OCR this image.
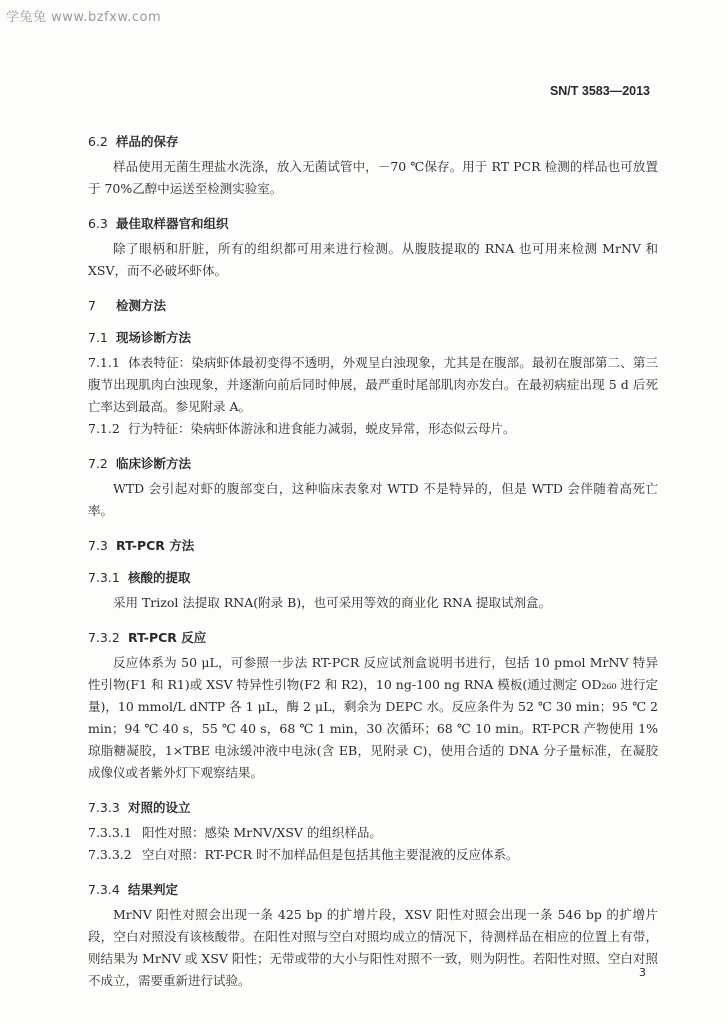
学兔兔 www.bzfxw.com
SN/T 3583—2013
6.2 样品的保存

样品使用无菌生理盐水洗涤，放入无菌试管中，－70 ℃保存。用于 RT PCR 检测的样品也可放置于 70%乙醇中运送至检测实验室。

6.3 最佳取样器官和组织

除了眼柄和肝脏，所有的组织都可用来进行检测。从腹肢提取的 RNA 也可用来检测 MrNV 和 XSV，而不必破坏虾体。

7 检测方法
7.1 现场诊断方法

7.1.1 体表特征：染病虾体最初变得不透明，外观呈白浊现象，尤其是在腹部。最初在腹部第二、第三腹节出现肌肉白浊现象，并逐渐向前后同时伸展，最严重时尾部肌肉亦发白。在最初病症出现 5 d 后死亡率达到最高。参见附录 A。

7.1.2 行为特征：染病虾体游泳和进食能力减弱，蜕皮异常，形态似云母片。

7.2 临床诊断方法

WTD 会引起对虾的腹部变白，这种临床表象对 WTD 不是特异的，但是 WTD 会伴随着高死亡率。

7.3 RT-PCR 方法
7.3.1 核酸的提取

采用 Trizol 法提取 RNA(附录 B)，也可采用等效的商业化 RNA 提取试剂盒。

7.3.2 RT-PCR 反应

反应体系为 50 μL，可参照一步法 RT-PCR 反应试剂盒说明书进行，包括 10 pmol MrNV 特异性引物(F1 和 R1)或 XSV 特异性引物(F2 和 R2)，10 ng-100 ng RNA 模板(通过测定 OD₂₆₀ 进行定量)，10 mmol/L dNTP 各 1 μL，酶 2 μL，剩余为 DEPC 水。反应条件为 52 ℃ 30 min；95 ℃ 2 min；94 ℃ 40 s，55 ℃ 40 s，68 ℃ 1 min，30 次循环；68 ℃ 10 min。RT-PCR 产物使用 1%琼脂糖凝胶，1×TBE 电泳缓冲液中电泳(含 EB，见附录 C)，使用合适的 DNA 分子量标准，在凝胶成像仪或者紫外灯下观察结果。

7.3.3 对照的设立

7.3.3.1 阳性对照：感染 MrNV/XSV 的组织样品。

7.3.3.2 空白对照：RT-PCR 时不加样品但是包括其他主要混液的反应体系。

7.3.4 结果判定

MrNV 阳性对照会出现一条 425 bp 的扩增片段，XSV 阳性对照会出现一条 546 bp 的扩增片段，空白对照没有该核酸带。在阳性对照与空白对照均成立的情况下，待测样品在相应的位置上有带，则结果为 MrNV 或 XSV 阳性；无带或带的大小与阳性对照不一致，则为阴性。若阳性对照、空白对照不成立，需要重新进行试验。

3
